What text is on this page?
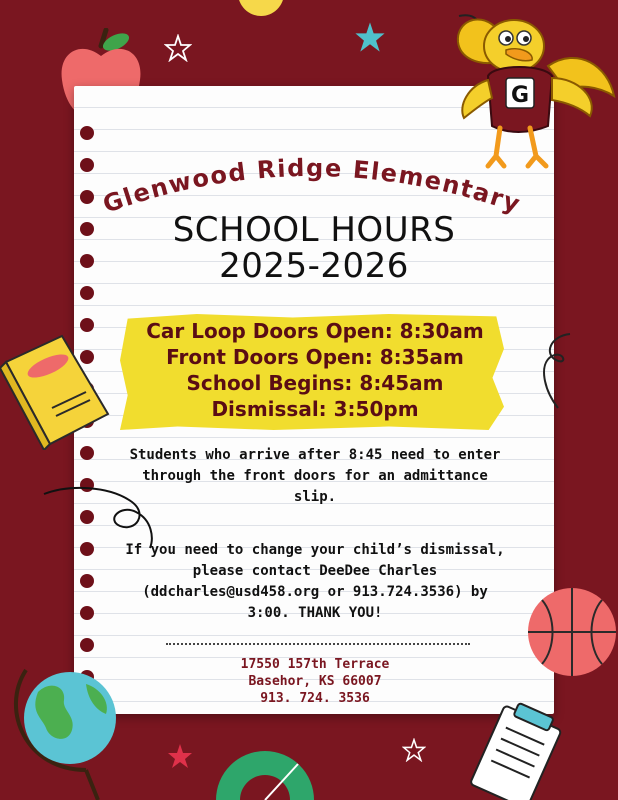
Glenwood Ridge Elementary
SCHOOL HOURS
2025-2026
Car Loop Doors Open: 8:30am
Front Doors Open: 8:35am
School Begins: 8:45am
Dismissal: 3:50pm
Students who arrive after 8:45 need to enter through the front doors for an admittance slip.
If you need to change your child’s dismissal, please contact DeeDee Charles (ddcharles@usd458.org or 913.724.3536) by 3:00. THANK YOU!
17550 157th Terrace
Basehor, KS 66007
913. 724. 3536
G
